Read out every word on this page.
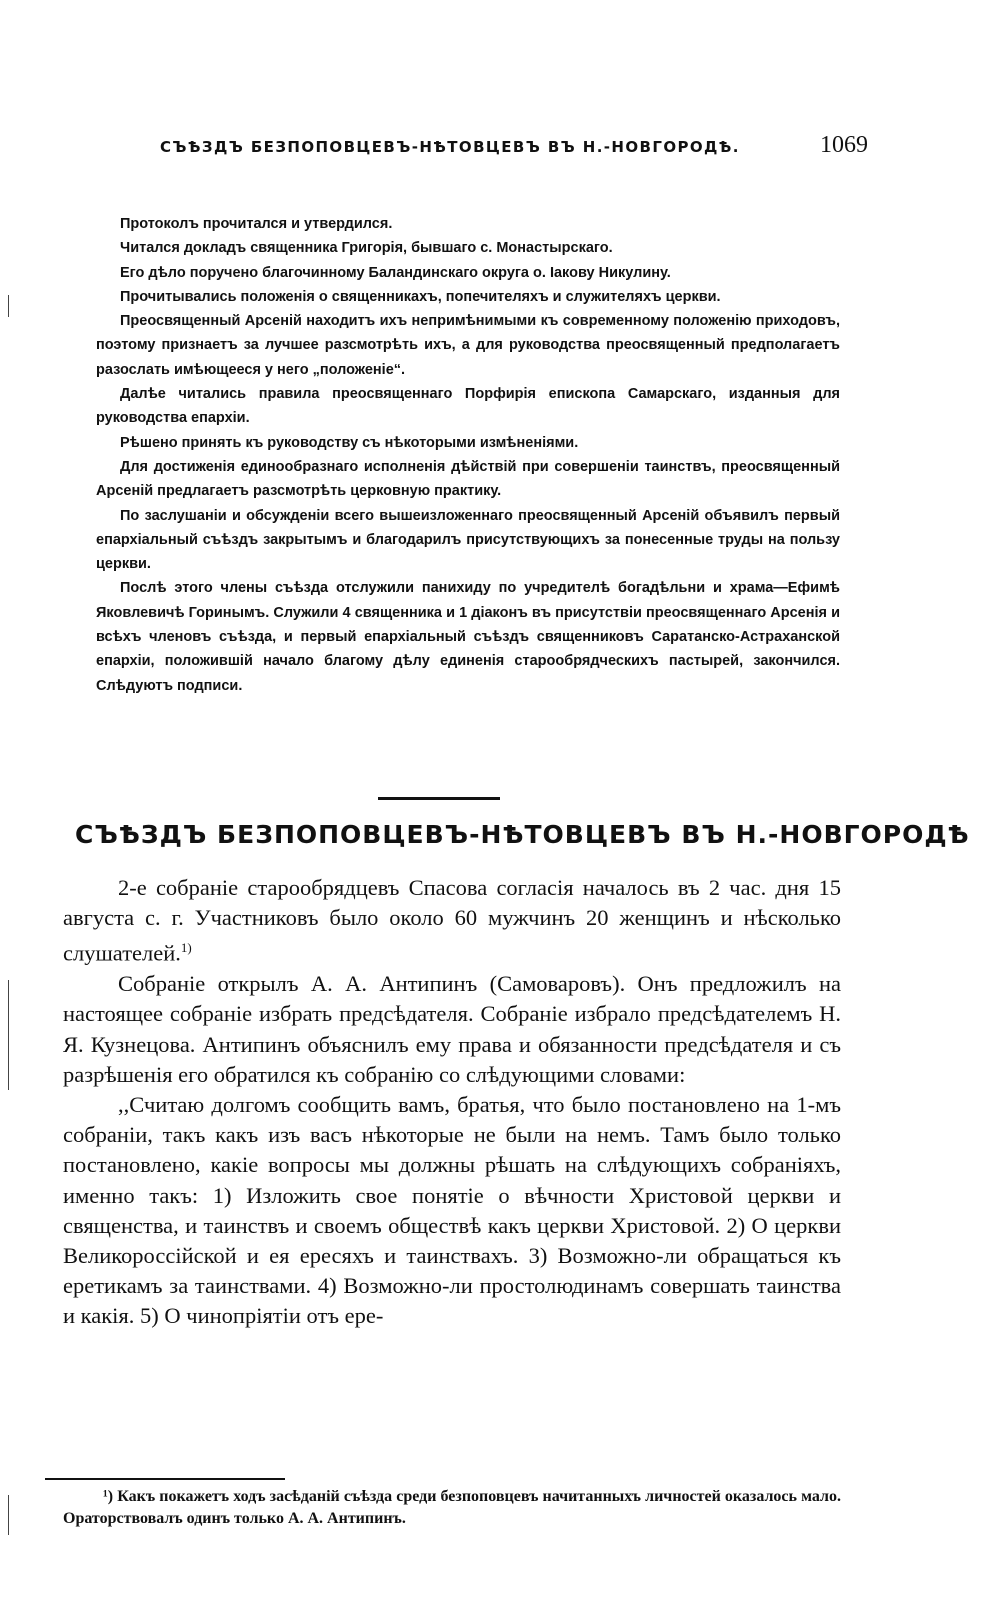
СЪѢЗДЪ БЕЗПОПОВЦЕВЪ-НѢТОВЦЕВЪ ВЪ Н.-НОВГОРОДѢ.	1069

Протоколъ прочитался и утвердился.

Читался докладъ священника Григорія, бывшаго с. Монастырскаго.

Его дѣло поручено благочинному Баландинскаго округа о. Іакову Никулину.

Прочитывались положенія о священникахъ, попечителяхъ и служителяхъ церкви.

Преосвященный Арсеній находитъ ихъ непримѣнимыми къ современному положенію приходовъ, поэтому признаетъ за лучшее разсмотрѣть ихъ, а для руководства преосвященный предполагаетъ разослать имѣющееся у него „положеніе“.

Далѣе читались правила преосвященнаго Порфирія епископа Самарскаго, изданныя для руководства епархіи.

Рѣшено принять къ руководству съ нѣкоторыми измѣненіями.

Для достиженія единообразнаго исполненія дѣйствій при совершеніи таинствъ, преосвященный Арсеній предлагаетъ разсмотрѣть церковную практику.

По заслушаніи и обсужденіи всего вышеизложеннаго преосвященный Арсеній объявилъ первый епархіальный съѣздъ закрытымъ и благодарилъ присутствующихъ за понесенные труды на пользу церкви.

Послѣ этого члены съѣзда отслужили панихиду по учредителѣ богадѣльни и храма—Ефимѣ Яковлевичѣ Горинымъ. Служили 4 священника и 1 діаконъ въ присутствіи преосвященнаго Арсенія и всѣхъ членовъ съѣзда, и первый епархіальный съѣздъ священниковъ Саратанско-Астраханской епархіи, положившій начало благому дѣлу единенія старообрядческихъ пастырей, закончился. Слѣдуютъ подписи.

СЪѢЗДЪ БЕЗПОПОВЦЕВЪ-НѢТОВЦЕВЪ ВЪ Н.-НОВГОРОДѢ

2-е собраніе старообрядцевъ Спасова согласія началось въ 2 час. дня 15 августа с. г. Участниковъ было около 60 мужчинъ 20 женщинъ и нѣсколько слушателей.$^{1)}$

Собраніе открылъ А. А. Антипинъ (Самоваровъ). Онъ предложилъ на настоящее собраніе избрать предсѣдателя. Собраніе избрало предсѣдателемъ Н. Я. Кузнецова. Антипинъ объяснилъ ему права и обязанности предсѣдателя и съ разрѣшенія его обратился къ собранію со слѣдующими словами:

,,Считаю долгомъ сообщить вамъ, братья, что было постановлено на 1-мъ собраніи, такъ какъ изъ васъ нѣкоторые не были на немъ. Тамъ было только постановлено, какіе вопросы мы должны рѣшать на слѣдующихъ собраніяхъ, именно такъ: 1) Изложить свое понятіе о вѣчности Христовой церкви и священства, и таинствъ и своемъ обществѣ какъ церкви Христовой. 2) О церкви Великороссійской и ея ересяхъ и таинствахъ. 3) Возможно-ли обращаться къ еретикамъ за таинствами. 4) Возможно-ли простолюдинамъ совершать таинства и какія. 5) О чинопріятіи отъ ере-

¹) Какъ покажетъ ходъ засѣданій съѣзда среди безпоповцевъ начитанныхъ личностей оказалось мало. Ораторствовалъ одинъ только А. А. Антипинъ.
